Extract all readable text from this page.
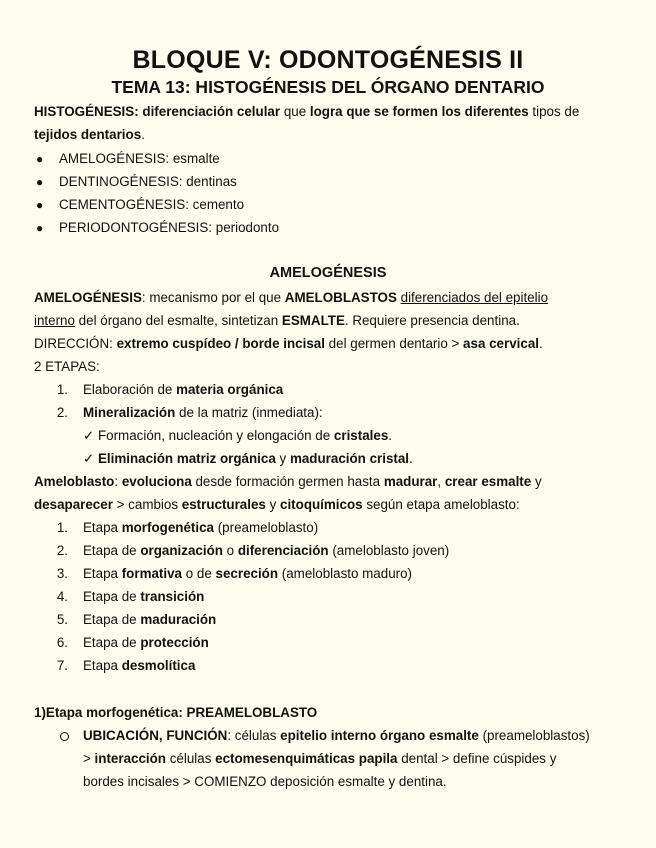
BLOQUE V: ODONTOGÉNESIS II
TEMA 13: HISTOGÉNESIS DEL ÓRGANO DENTARIO
HISTOGÉNESIS: diferenciación celular que logra que se formen los diferentes tipos de
tejidos dentarios.
● AMELOGÉNESIS: esmalte
● DENTINOGÉNESIS: dentinas
● CEMENTOGÉNESIS: cemento
● PERIODONTOGÉNESIS: periodonto
AMELOGÉNESIS
AMELOGÉNESIS: mecanismo por el que AMELOBLASTOS diferenciados del epitelio
interno del órgano del esmalte, sintetizan ESMALTE. Requiere presencia dentina.
DIRECCIÓN: extremo cuspídeo / borde incisal del germen dentario > asa cervical.
2 ETAPAS:
1. Elaboración de materia orgánica
2. Mineralización de la matriz (inmediata):
✓ Formación, nucleación y elongación de cristales.
✓ Eliminación matriz orgánica y maduración cristal.
Ameloblasto: evoluciona desde formación germen hasta madurar, crear esmalte y
desaparecer > cambios estructurales y citoquímicos según etapa ameloblasto:
1. Etapa morfogenética (preameloblasto)
2. Etapa de organización o diferenciación (ameloblasto joven)
3. Etapa formativa o de secreción (ameloblasto maduro)
4. Etapa de transición
5. Etapa de maduración
6. Etapa de protección
7. Etapa desmolítica
1)Etapa morfogenética: PREAMELOBLASTO
UBICACIÓN, FUNCIÓN: células epitelio interno órgano esmalte (preameloblastos)
> interacción células ectomesenquimáticas papila dental > define cúspides y
bordes incisales > COMIENZO deposición esmalte y dentina.
